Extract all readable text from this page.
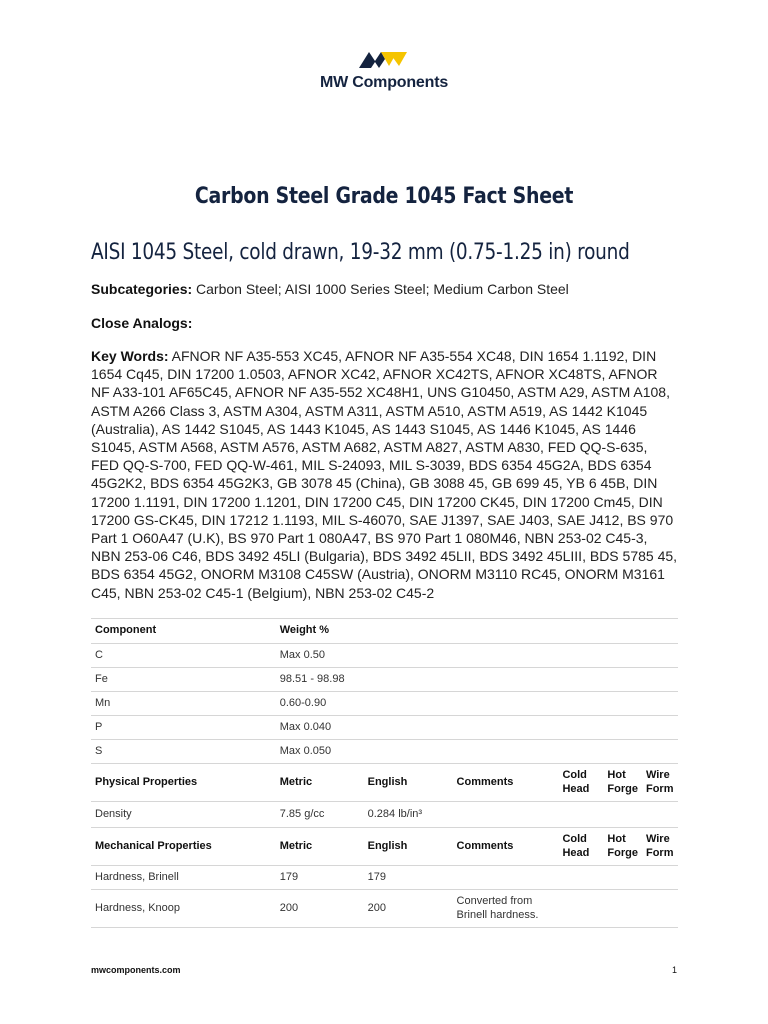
MW Components
Carbon Steel Grade 1045 Fact Sheet
AISI 1045 Steel, cold drawn, 19-32 mm (0.75-1.25 in) round
Subcategories: Carbon Steel; AISI 1000 Series Steel; Medium Carbon Steel
Close Analogs:
Key Words: AFNOR NF A35-553 XC45, AFNOR NF A35-554 XC48, DIN 1654 1.1192, DIN 1654 Cq45, DIN 17200 1.0503, AFNOR XC42, AFNOR XC42TS, AFNOR XC48TS, AFNOR NF A33-101 AF65C45, AFNOR NF A35-552 XC48H1, UNS G10450, ASTM A29, ASTM A108, ASTM A266 Class 3, ASTM A304, ASTM A311, ASTM A510, ASTM A519, AS 1442 K1045 (Australia), AS 1442 S1045, AS 1443 K1045, AS 1443 S1045, AS 1446 K1045, AS 1446 S1045, ASTM A568, ASTM A576, ASTM A682, ASTM A827, ASTM A830, FED QQ-S-635, FED QQ-S-700, FED QQ-W-461, MIL S-24093, MIL S-3039, BDS 6354 45G2A, BDS 6354 45G2K2, BDS 6354 45G2K3, GB 3078 45 (China), GB 3088 45, GB 699 45, YB 6 45B, DIN 17200 1.1191, DIN 17200 1.1201, DIN 17200 C45, DIN 17200 CK45, DIN 17200 Cm45, DIN 17200 GS-CK45, DIN 17212 1.1193, MIL S-46070, SAE J1397, SAE J403, SAE J412, BS 970 Part 1 O60A47 (U.K), BS 970 Part 1 080A47, BS 970 Part 1 080M46, NBN 253-02 C45-3, NBN 253-06 C46, BDS 3492 45LI (Bulgaria), BDS 3492 45LII, BDS 3492 45LIII, BDS 5785 45, BDS 6354 45G2, ONORM M3108 C45SW (Austria), ONORM M3110 RC45, ONORM M3161 C45, NBN 253-02 C45-1 (Belgium), NBN 253-02 C45-2
Component	Weight %					
C	Max 0.50					
Fe	98.51 - 98.98					
Mn	0.60-0.90					
P	Max 0.040					
S	Max 0.050					
Physical Properties	Metric	English	Comments	Cold Head	Hot Forge	Wire Form
Density	7.85 g/cc	0.284 lb/in³				
Mechanical Properties	Metric	English	Comments	Cold Head	Hot Forge	Wire Form
Hardness, Brinell	179	179				
Hardness, Knoop	200	200	Converted from Brinell hardness.			
mwcomponents.com	1
